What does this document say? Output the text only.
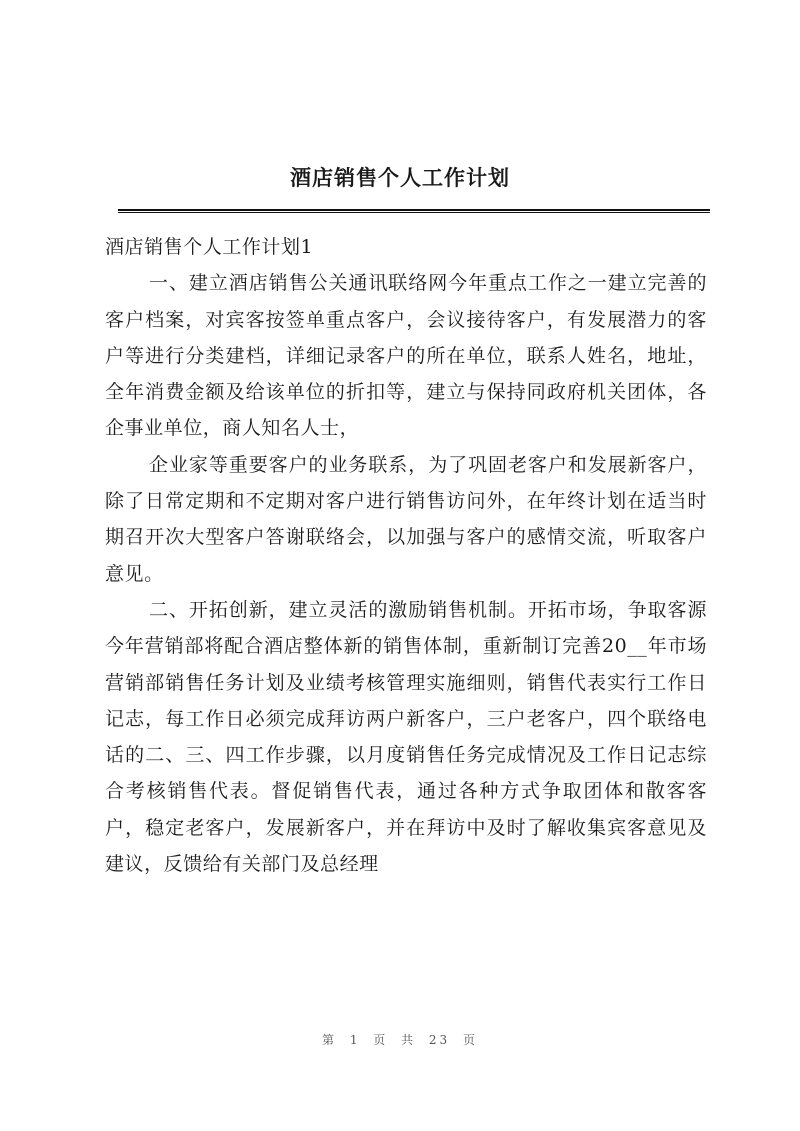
酒店销售个人工作计划

酒店销售个人工作计划1

一、建立酒店销售公关通讯联络网今年重点工作之一建立完善的客户档案，对宾客按签单重点客户，会议接待客户，有发展潜力的客户等进行分类建档，详细记录客户的所在单位，联系人姓名，地址，全年消费金额及给该单位的折扣等，建立与保持同政府机关团体，各企事业单位，商人知名人士，

企业家等重要客户的业务联系，为了巩固老客户和发展新客户，除了日常定期和不定期对客户进行销售访问外，在年终计划在适当时期召开次大型客户答谢联络会，以加强与客户的感情交流，听取客户意见。

二、开拓创新，建立灵活的激励销售机制。开拓市场，争取客源今年营销部将配合酒店整体新的销售体制，重新制订完善20__年市场营销部销售任务计划及业绩考核管理实施细则，销售代表实行工作日记志，每工作日必须完成拜访两户新客户，三户老客户，四个联络电话的二、三、四工作步骤，以月度销售任务完成情况及工作日记志综合考核销售代表。督促销售代表，通过各种方式争取团体和散客客户，稳定老客户，发展新客户，并在拜访中及时了解收集宾客意见及建议，反馈给有关部门及总经理

第 1 页 共 23 页
